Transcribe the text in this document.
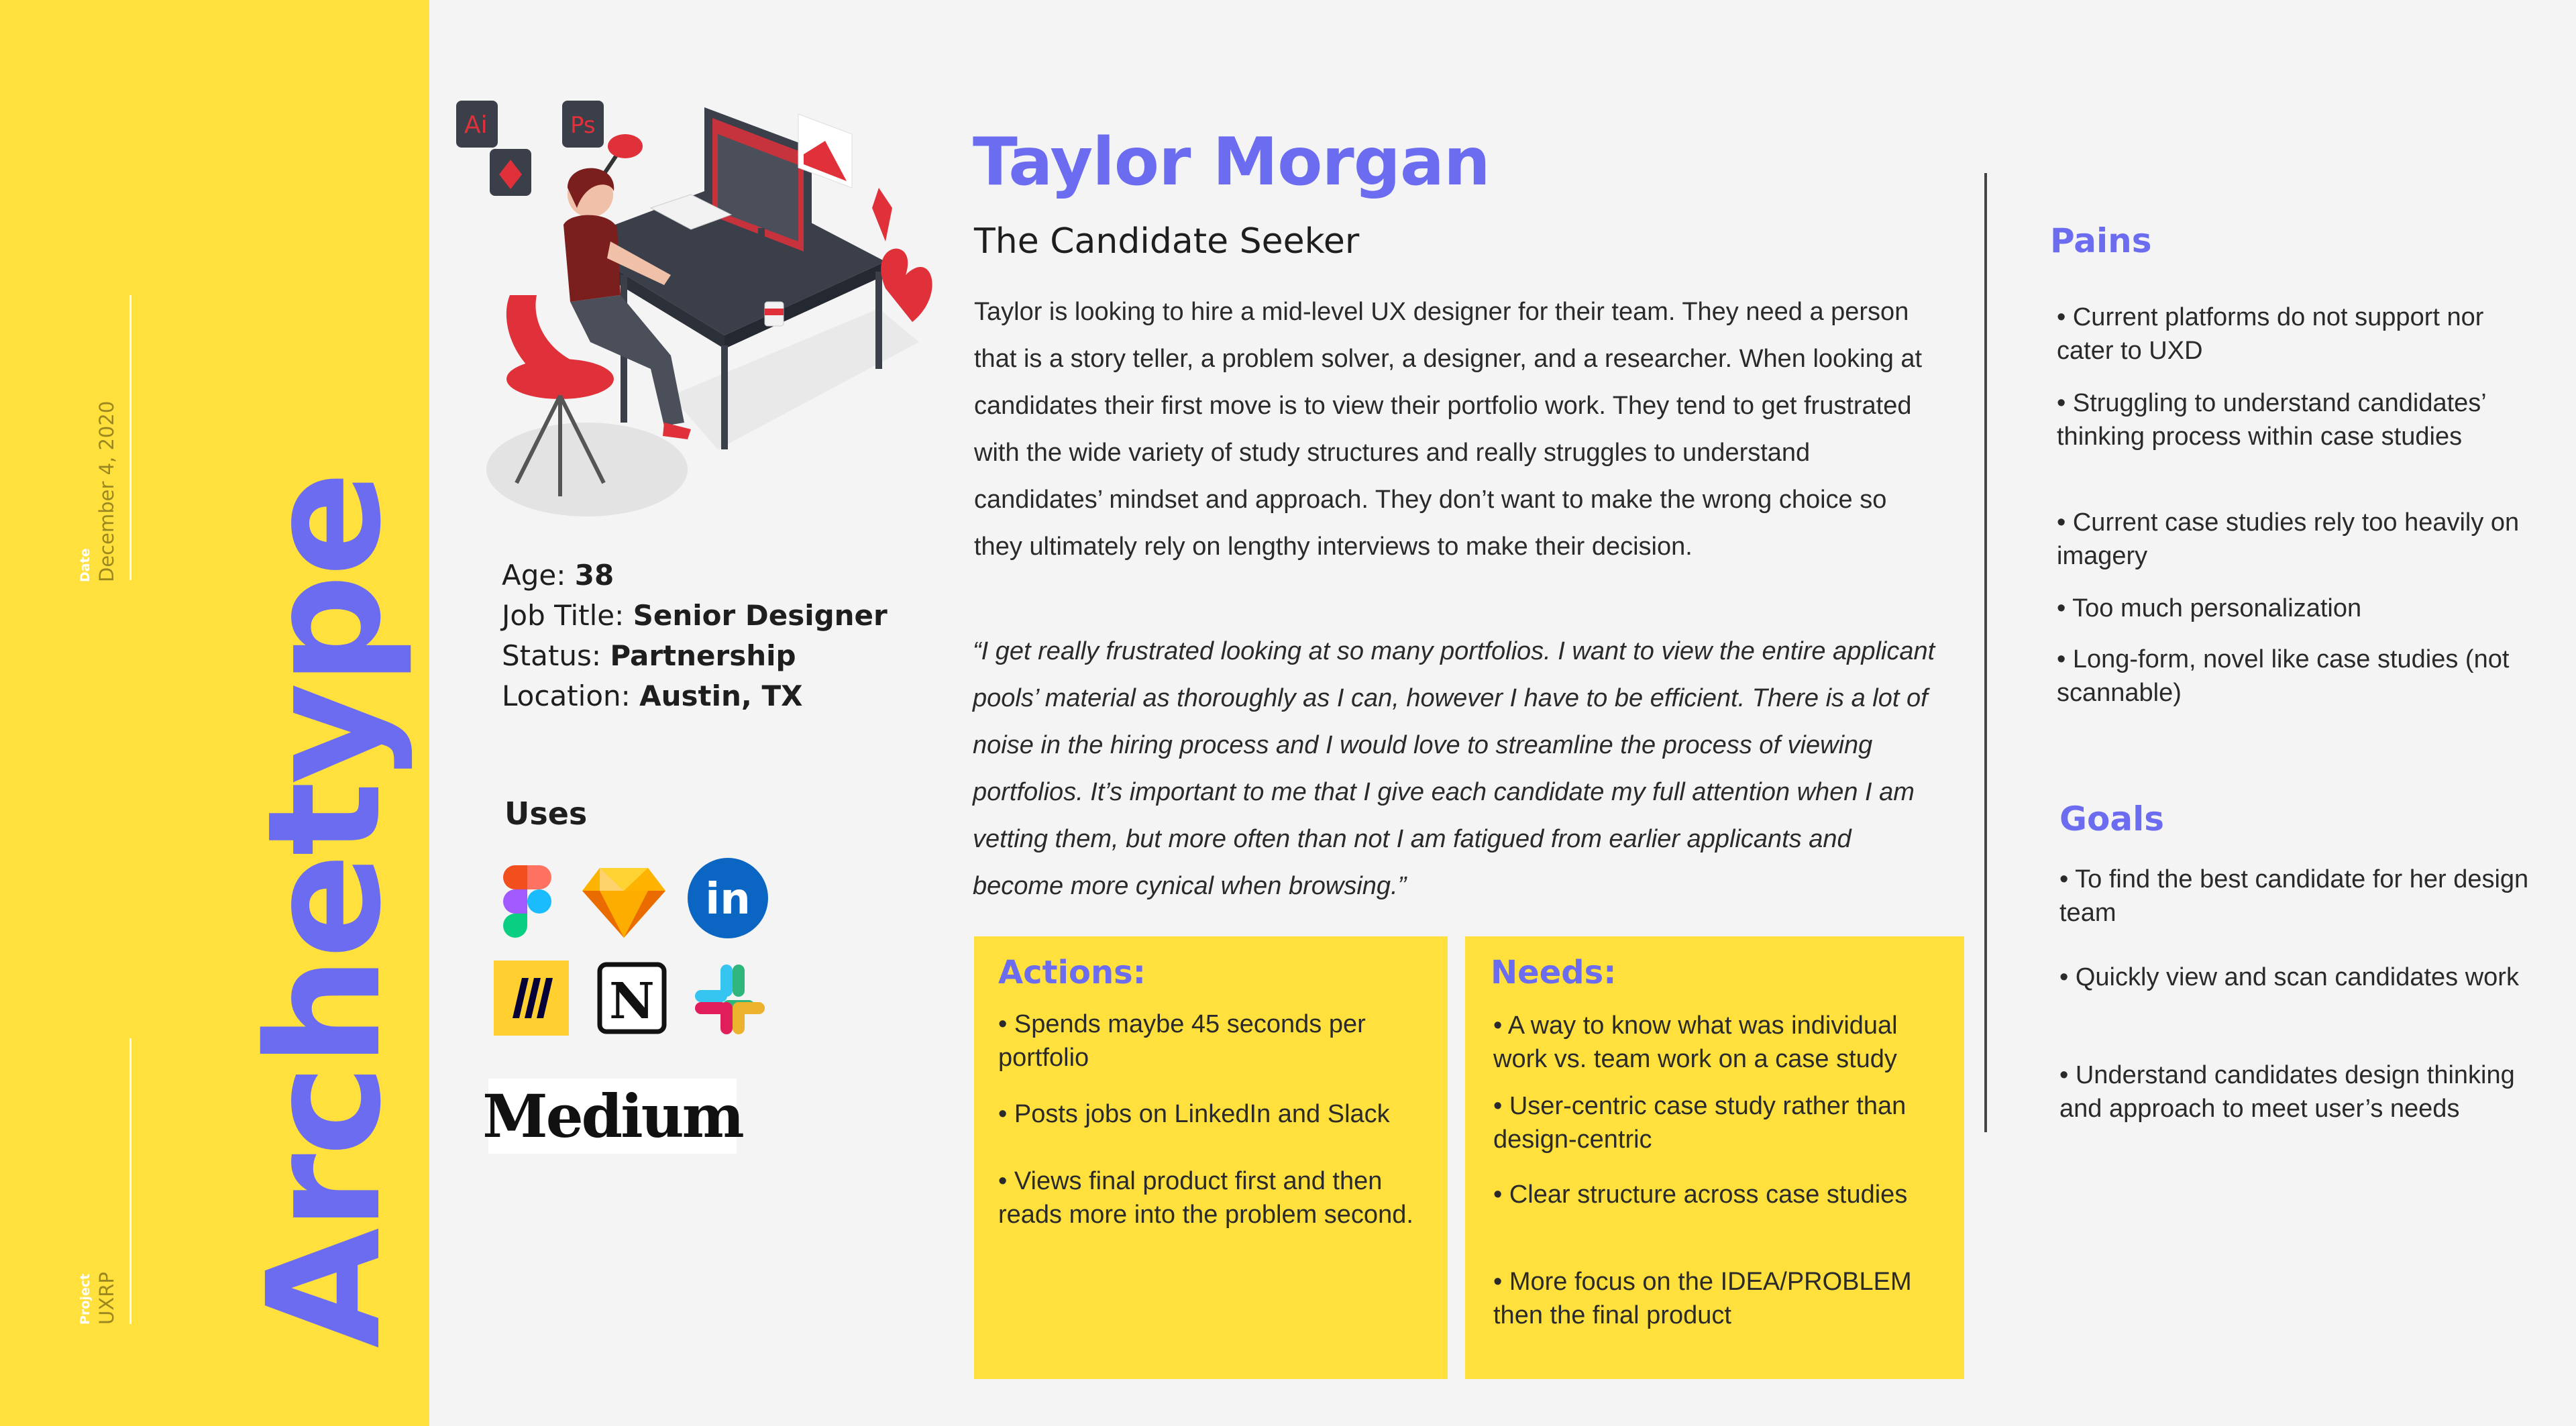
Date December 4, 2020
Project UXRP Archetype
Ai	Ps
Age: 38
Job Title: Senior Designer
Status: Partnership
Location: Austin, TX
Uses
in
N
Medium
Taylor Morgan
The Candidate Seeker
Taylor is looking to hire a mid-level UX designer for their team. They need a person that is a story teller, a problem solver, a designer, and a researcher. When looking at candidates their first move is to view their portfolio work. They tend to get frustrated with the wide variety of study structures and really struggles to understand candidates’ mindset and approach. They don’t want to make the wrong choice so they ultimately rely on lengthy interviews to make their decision.
“I get really frustrated looking at so many portfolios. I want to view the entire applicant pools’ material as thoroughly as I can, however I have to be efficient. There is a lot of noise in the hiring process and I would love to streamline the process of viewing portfolios. It’s important to me that I give each candidate my full attention when I am vetting them, but more often than not I am fatigued from earlier applicants and become more cynical when browsing.”
Actions:
• Spends maybe 45 seconds per portfolio
• Posts jobs on LinkedIn and Slack
• Views final product first and then reads more into the problem second.
Needs:
• A way to know what was individual work vs. team work on a case study
• User-centric case study rather than design-centric
• Clear structure across case studies
• More focus on the IDEA/PROBLEM then the final product
Pains
• Current platforms do not support nor cater to UXD
• Struggling to understand candidates’ thinking process within case studies
• Current case studies rely too heavily on imagery
• Too much personalization
• Long-form, novel like case studies (not scannable)
Goals
• To find the best candidate for her design team
• Quickly view and scan candidates work
• Understand candidates design thinking and approach to meet user’s needs
